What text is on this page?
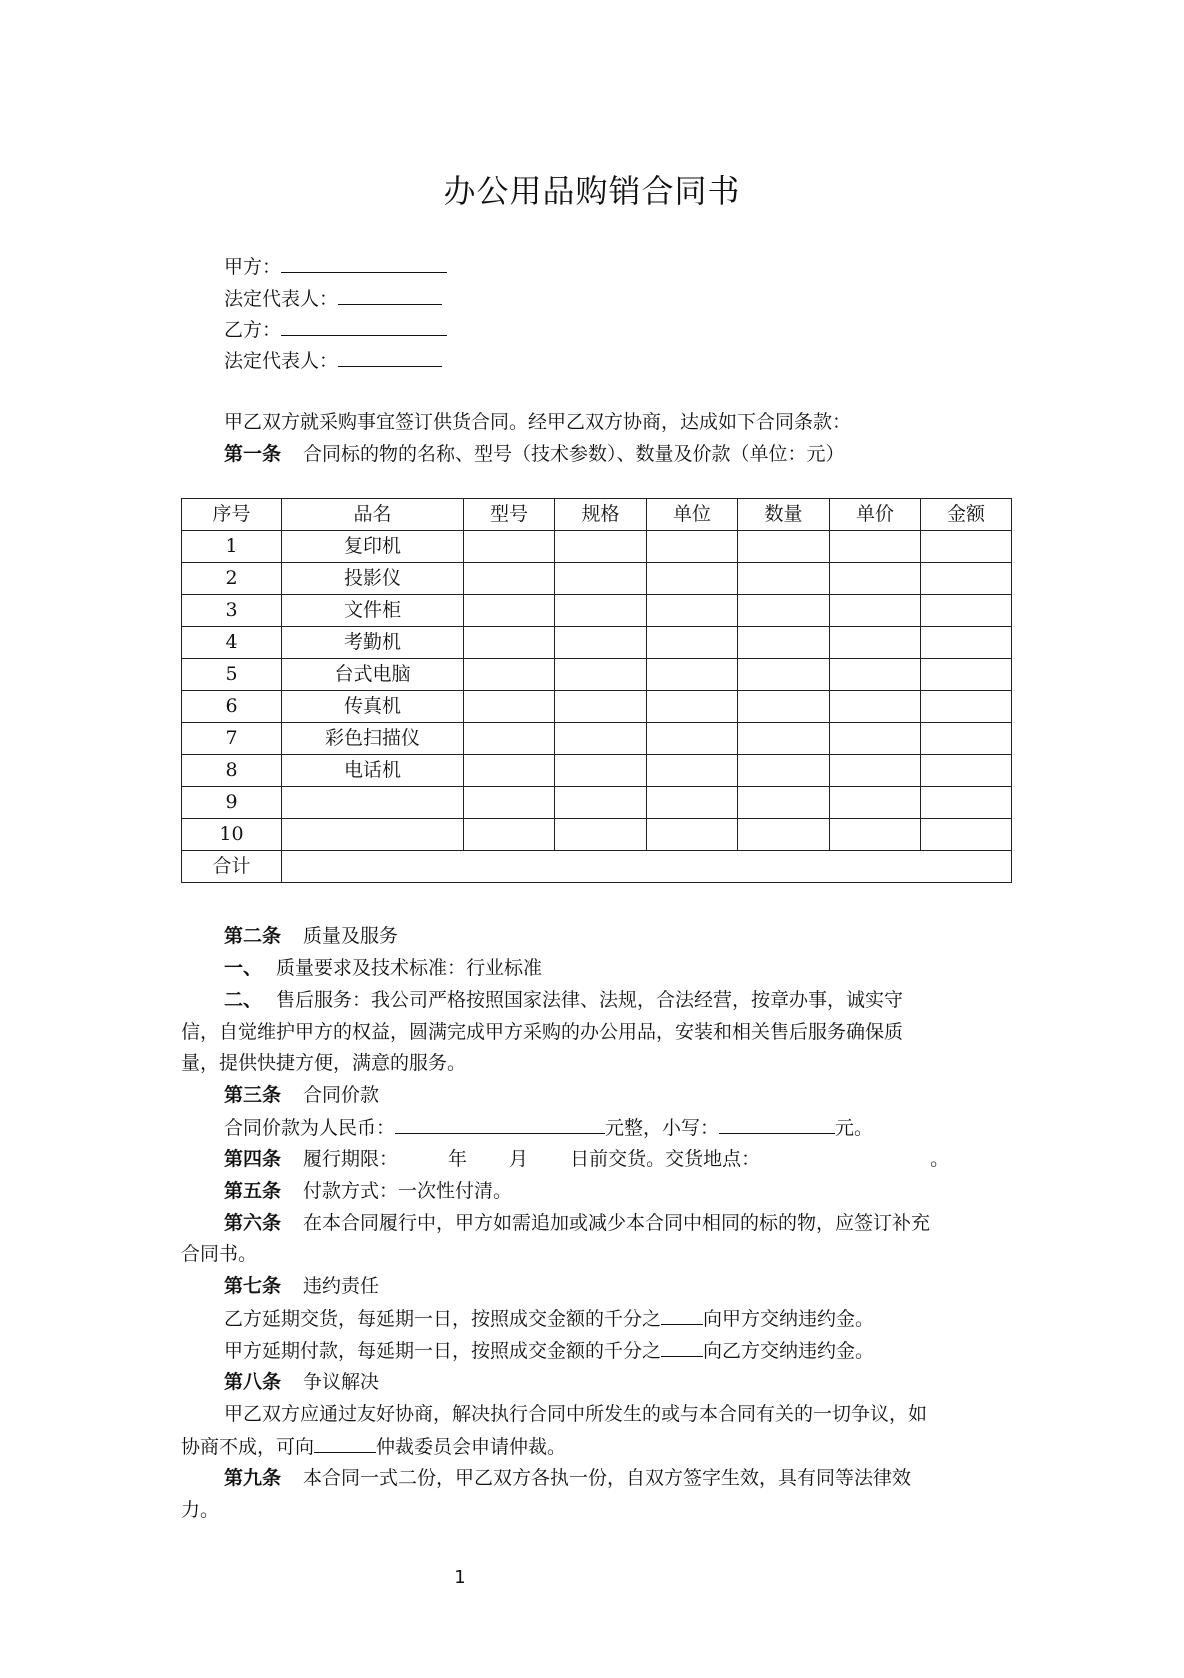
办公用品购销合同书
甲方：
法定代表人：
乙方：
法定代表人：
甲乙双方就采购事宜签订供货合同。经甲乙双方协商，达成如下合同条款：
第一条 合同标的物的名称、型号（技术参数）、数量及价款（单位：元）
序号	品名	型号	规格	单位	数量	单价	金额
1	复印机						
2	投影仪						
3	文件柜						
4	考勤机						
5	台式电脑						
6	传真机						
7	彩色扫描仪						
8	电话机						
9							
10							
合计							
第二条 质量及服务
一、 质量要求及技术标准：行业标准
二、 售后服务：我公司严格按照国家法律、法规，合法经营，按章办事，诚实守
信，自觉维护甲方的权益，圆满完成甲方采购的办公用品，安装和相关售后服务确保质
量，提供快捷方便，满意的服务。
第三条 合同价款
合同价款为人民币：	元整，小写：	元。
第四条 履行期限：	年 月 日前交货。交货地点：	。
第五条 付款方式：一次性付清。
第六条 在本合同履行中，甲方如需追加或减少本合同中相同的标的物，应签订补充
合同书。
第七条 违约责任
乙方延期交货，每延期一日，按照成交金额的千分之 向甲方交纳违约金。
甲方延期付款，每延期一日，按照成交金额的千分之 向乙方交纳违约金。
第八条 争议解决
甲乙双方应通过友好协商，解决执行合同中所发生的或与本合同有关的一切争议，如
协商不成，可向	仲裁委员会申请仲裁。
第九条 本合同一式二份，甲乙双方各执一份，自双方签字生效，具有同等法律效
力。
1
